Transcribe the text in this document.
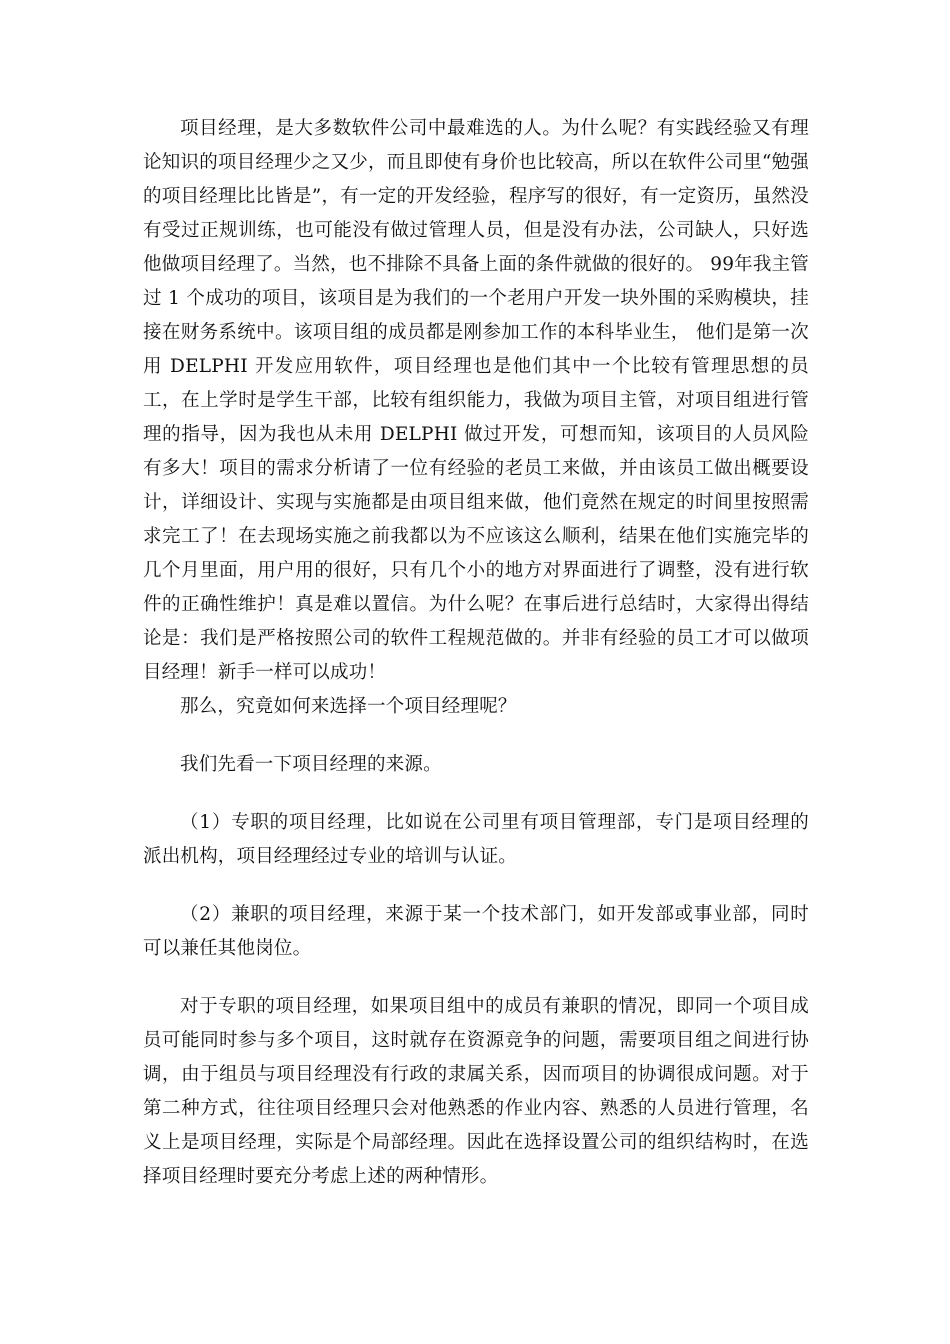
项目经理，是大多数软件公司中最难选的人。为什么呢？有实践经验又有理论知识的项目经理少之又少，而且即使有身价也比较高，所以在软件公司里“勉强的项目经理比比皆是”，有一定的开发经验，程序写的很好，有一定资历，虽然没有受过正规训练，也可能没有做过管理人员，但是没有办法，公司缺人，只好选他做项目经理了。当然，也不排除不具备上面的条件就做的很好的。 99年我主管过 1 个成功的项目，该项目是为我们的一个老用户开发一块外围的采购模块，挂接在财务系统中。该项目组的成员都是刚参加工作的本科毕业生， 他们是第一次用 DELPHI 开发应用软件，项目经理也是他们其中一个比较有管理思想的员工，在上学时是学生干部，比较有组织能力，我做为项目主管，对项目组进行管理的指导，因为我也从未用 DELPHI 做过开发，可想而知，该项目的人员风险有多大！项目的需求分析请了一位有经验的老员工来做，并由该员工做出概要设计，详细设计、实现与实施都是由项目组来做，他们竟然在规定的时间里按照需求完工了！在去现场实施之前我都以为不应该这么顺利，结果在他们实施完毕的几个月里面，用户用的很好，只有几个小的地方对界面进行了调整，没有进行软件的正确性维护！真是难以置信。为什么呢？在事后进行总结时，大家得出得结论是：我们是严格按照公司的软件工程规范做的。并非有经验的员工才可以做项目经理！新手一样可以成功！

那么，究竟如何来选择一个项目经理呢？

我们先看一下项目经理的来源。

（1）专职的项目经理，比如说在公司里有项目管理部，专门是项目经理的派出机构，项目经理经过专业的培训与认证。

（2）兼职的项目经理，来源于某一个技术部门，如开发部或事业部，同时可以兼任其他岗位。

对于专职的项目经理，如果项目组中的成员有兼职的情况，即同一个项目成员可能同时参与多个项目，这时就存在资源竞争的问题，需要项目组之间进行协调，由于组员与项目经理没有行政的隶属关系，因而项目的协调很成问题。对于第二种方式，往往项目经理只会对他熟悉的作业内容、熟悉的人员进行管理，名义上是项目经理，实际是个局部经理。因此在选择设置公司的组织结构时，在选择项目经理时要充分考虑上述的两种情形。
